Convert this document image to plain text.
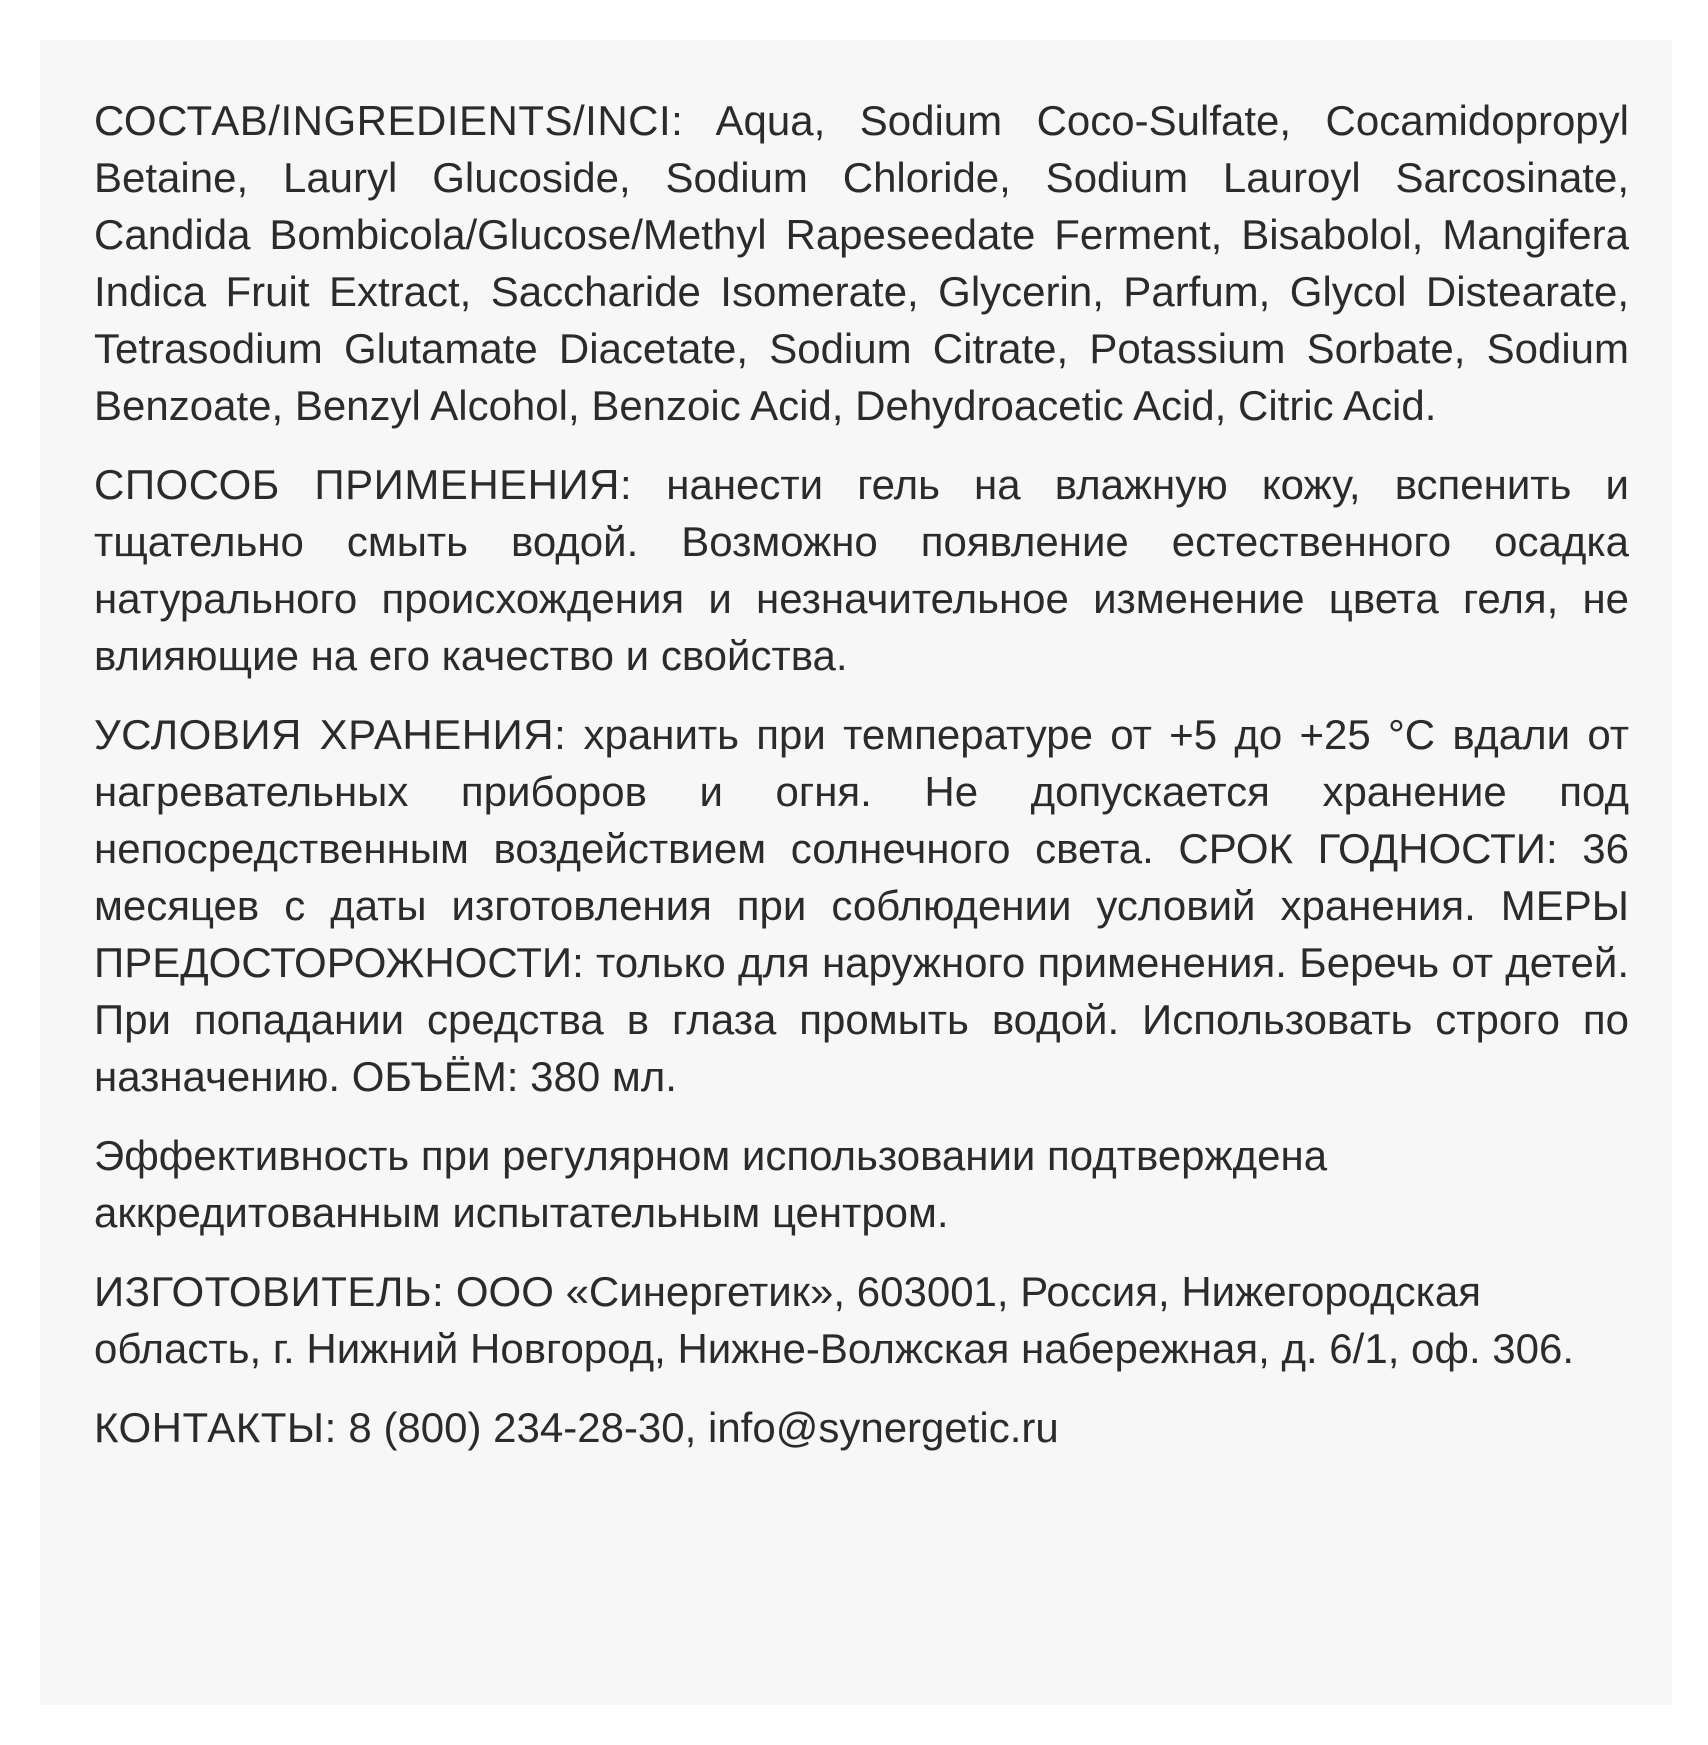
СОСТАВ/INGREDIENTS/INCI: Aqua, Sodium Coco-Sulfate, Cocamidopropyl Betaine, Lauryl Glucoside, Sodium Chloride, Sodium Lauroyl Sarcosinate, Candida Bombicola/Glucose/Methyl Rapeseedate Ferment, Bisabolol, Mangifera Indica Fruit Extract, Saccharide Isomerate, Glycerin, Parfum, Glycol Distearate, Tetrasodium Glutamate Diacetate, Sodium Citrate, Potassium Sorbate, Sodium Benzoate, Benzyl Alcohol, Benzoic Acid, Dehydroacetic Acid, Citric Acid.

СПОСОБ ПРИМЕНЕНИЯ: нанести гель на влажную кожу, вспенить и тщательно смыть водой. Возможно появление естественного осадка натурального происхождения и незначительное изменение цвета геля, не влияющие на его качество и свойства.

УСЛОВИЯ ХРАНЕНИЯ: хранить при температуре от +5 до +25 °С вдали от нагревательных приборов и огня. Не допускается хранение под непосредственным воздействием солнечного света. СРОК ГОДНОСТИ: 36 месяцев с даты изготовления при соблюдении условий хранения. МЕРЫ ПРЕДОСТОРОЖНОСТИ: только для наружного применения. Беречь от детей. При попадании средства в глаза промыть водой. Использовать строго по назначению. ОБЪЁМ: 380 мл.

Эффективность при регулярном использовании подтверждена аккредитованным испытательным центром.

ИЗГОТОВИТЕЛЬ: ООО «Синергетик», 603001, Россия, Нижегородская область, г. Нижний Новгород, Нижне-Волжская набережная, д. 6/1, оф. 306.

КОНТАКТЫ: 8 (800) 234-28-30, info@synergetic.ru
